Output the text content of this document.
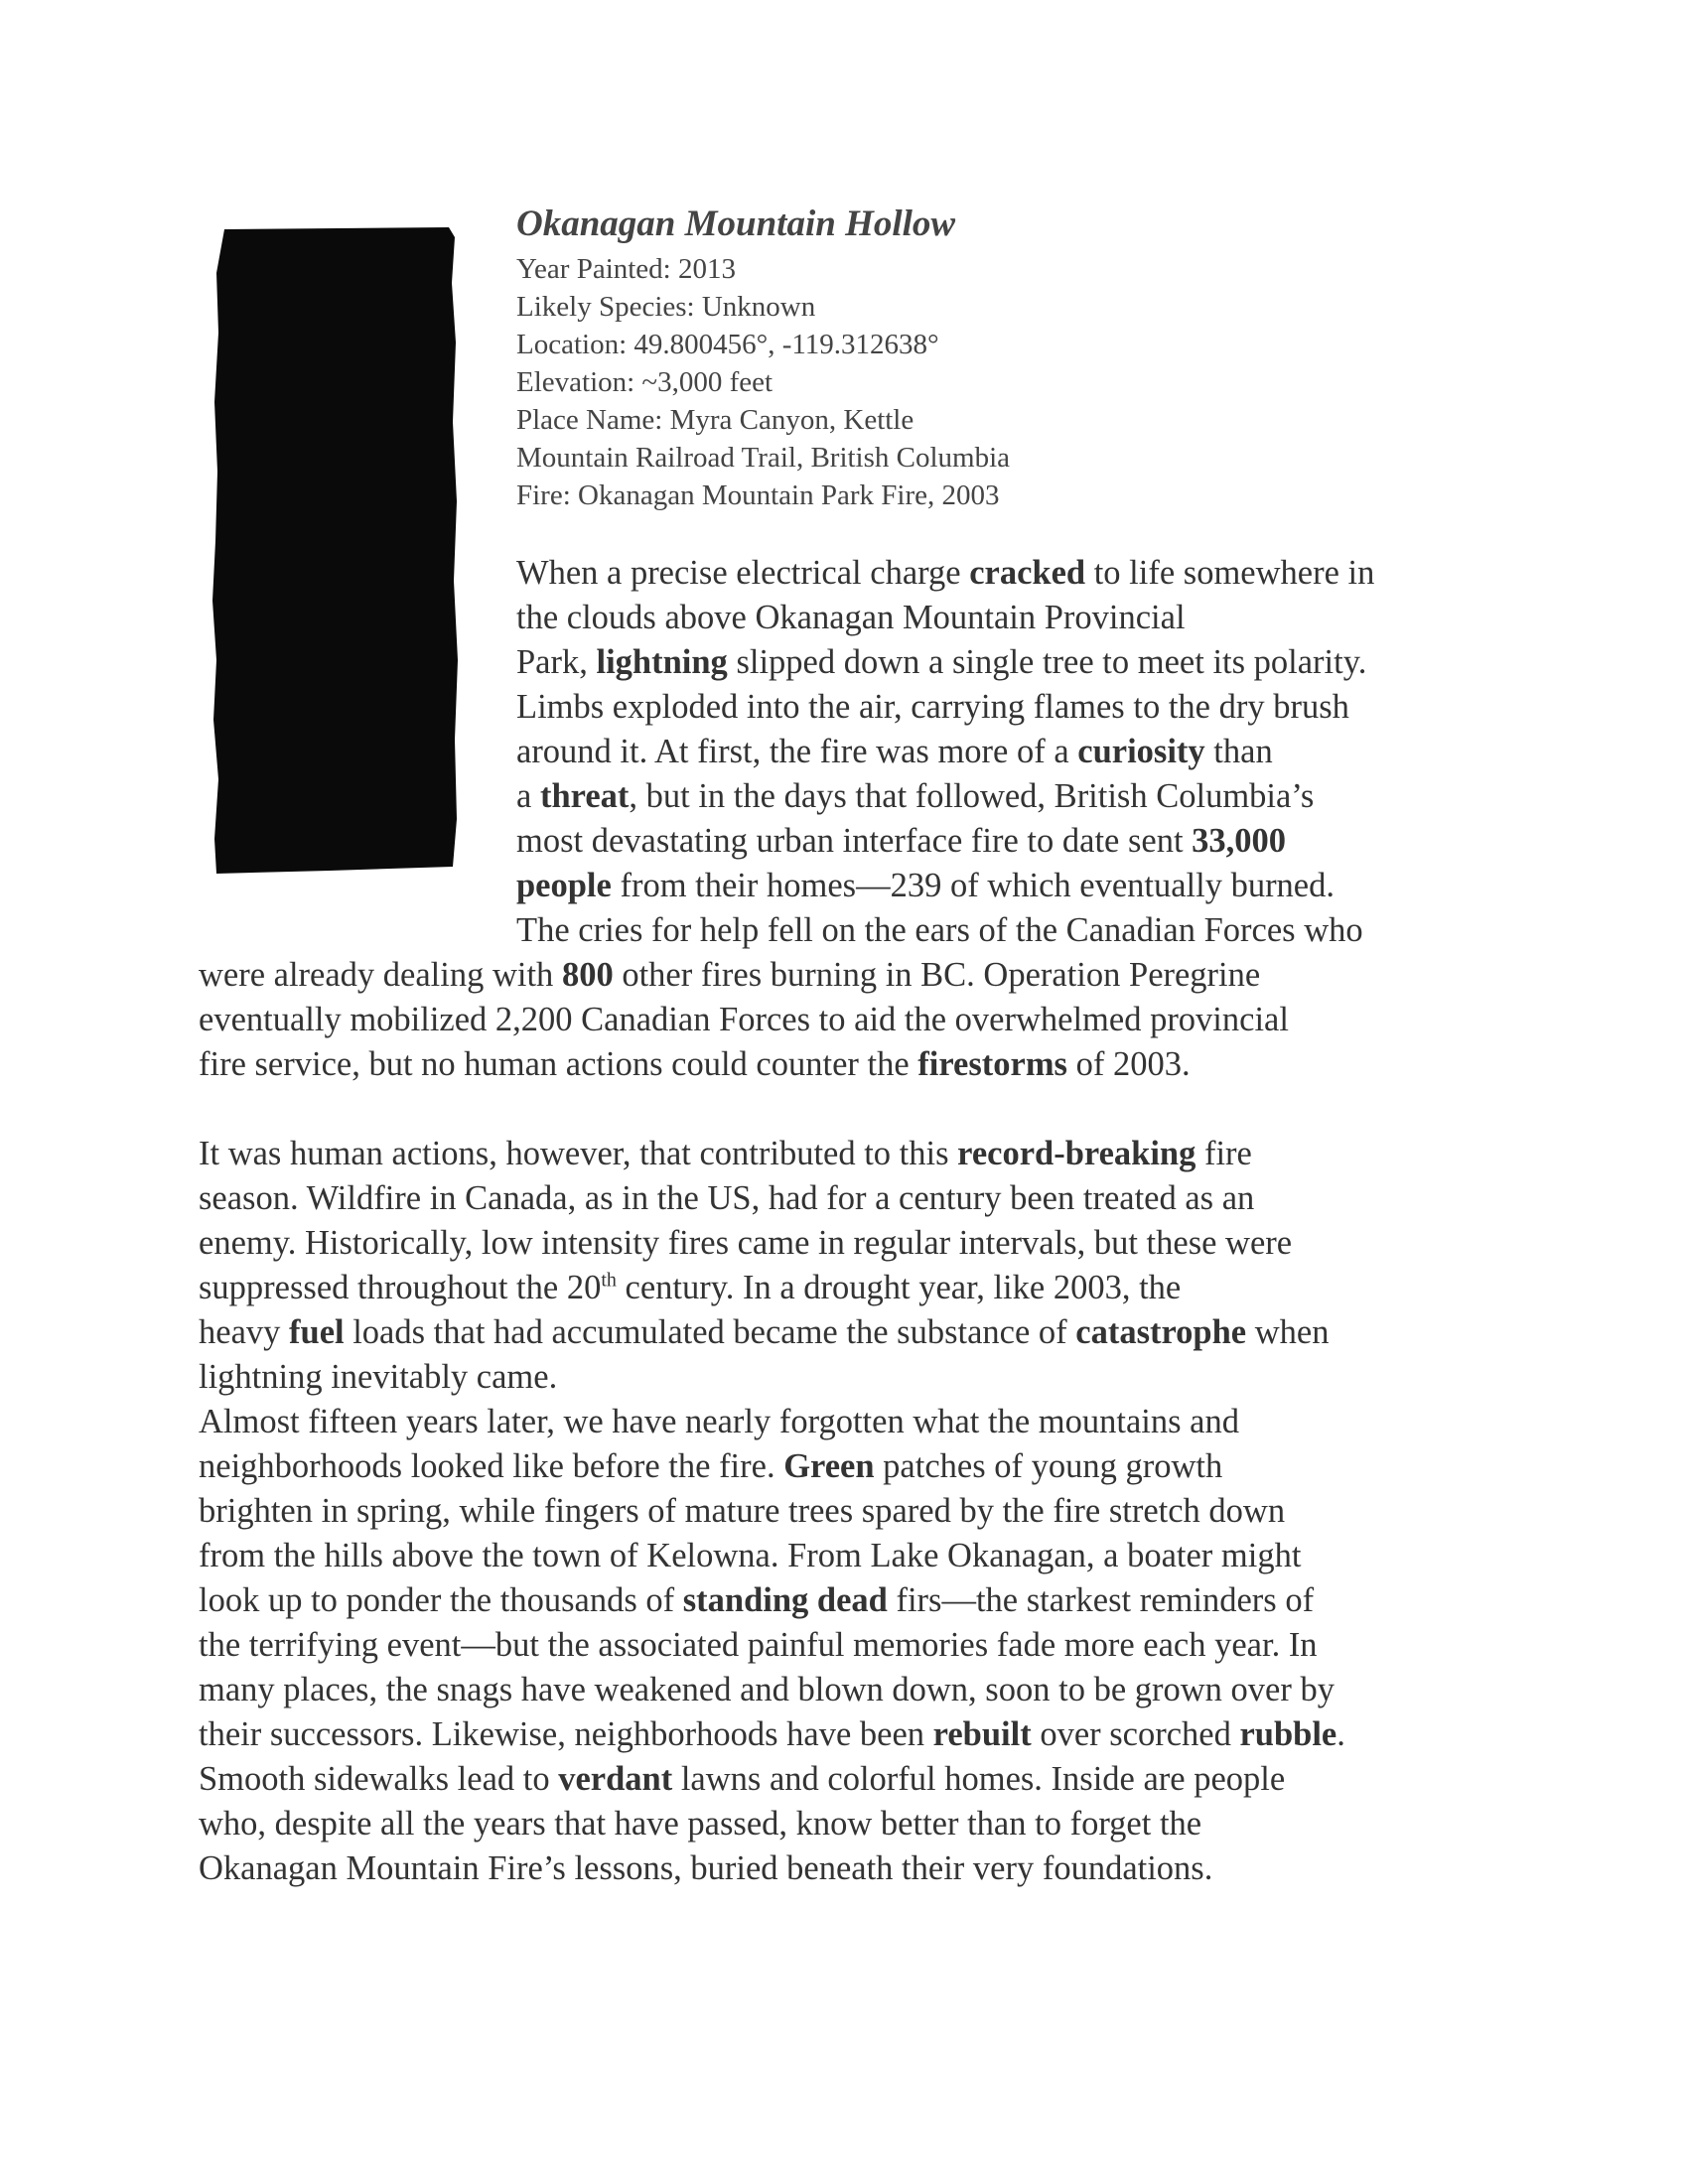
Okanagan Mountain Hollow
Year Painted: 2013
Likely Species: Unknown
Location: 49.800456°, -119.312638°
Elevation: ~3,000 feet
Place Name: Myra Canyon, Kettle
Mountain Railroad Trail, British Columbia
Fire: Okanagan Mountain Park Fire, 2003
When a precise electrical charge cracked to life somewhere in
the clouds above Okanagan Mountain Provincial
Park, lightning slipped down a single tree to meet its polarity.
Limbs exploded into the air, carrying flames to the dry brush
around it. At first, the fire was more of a curiosity than
a threat, but in the days that followed, British Columbia’s
most devastating urban interface fire to date sent 33,000
people from their homes—239 of which eventually burned.
The cries for help fell on the ears of the Canadian Forces who
were already dealing with 800 other fires burning in BC. Operation Peregrine
eventually mobilized 2,200 Canadian Forces to aid the overwhelmed provincial
fire service, but no human actions could counter the firestorms of 2003.
It was human actions, however, that contributed to this record-breaking fire
season. Wildfire in Canada, as in the US, had for a century been treated as an
enemy. Historically, low intensity fires came in regular intervals, but these were
suppressed throughout the 20th century. In a drought year, like 2003, the
heavy fuel loads that had accumulated became the substance of catastrophe when
lightning inevitably came.
Almost fifteen years later, we have nearly forgotten what the mountains and
neighborhoods looked like before the fire. Green patches of young growth
brighten in spring, while fingers of mature trees spared by the fire stretch down
from the hills above the town of Kelowna. From Lake Okanagan, a boater might
look up to ponder the thousands of standing dead firs—the starkest reminders of
the terrifying event—but the associated painful memories fade more each year. In
many places, the snags have weakened and blown down, soon to be grown over by
their successors. Likewise, neighborhoods have been rebuilt over scorched rubble.
Smooth sidewalks lead to verdant lawns and colorful homes. Inside are people
who, despite all the years that have passed, know better than to forget the
Okanagan Mountain Fire’s lessons, buried beneath their very foundations.
